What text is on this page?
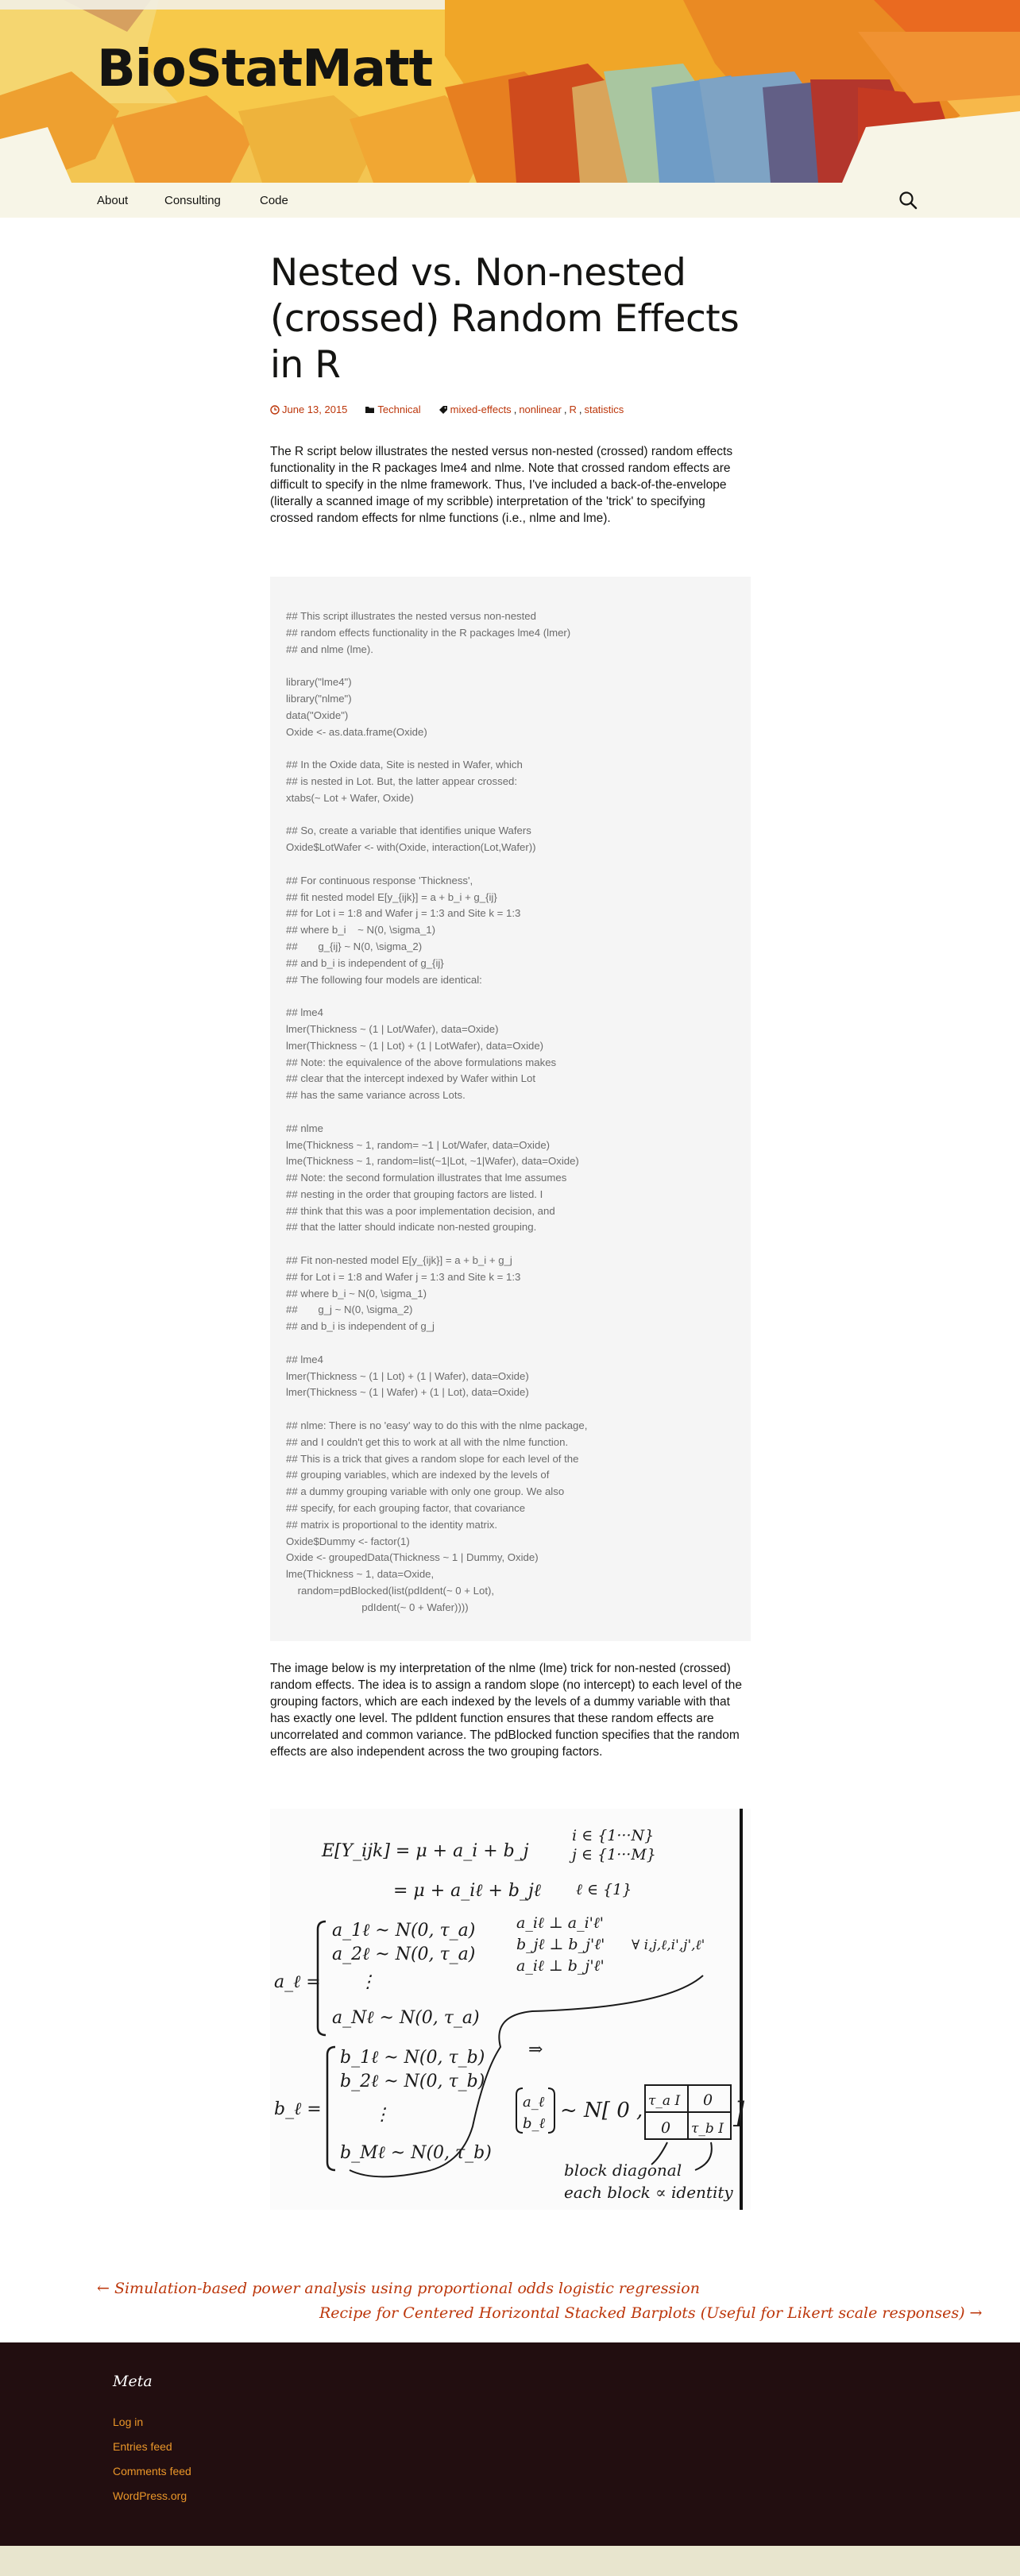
BioStatMatt
About	Consulting	Code
Nested vs. Non-nested (crossed) Random Effects in R
June 13, 2015	Technical	mixed-effects , nonlinear , R , statistics

The R script below illustrates the nested versus non-nested (crossed) random effects functionality in the R packages lme4 and nlme. Note that crossed random effects are difficult to specify in the nlme framework. Thus, I've included a back-of-the-envelope (literally a scanned image of my scribble) interpretation of the 'trick' to specifying crossed random effects for nlme functions (i.e., nlme and lme).

## This script illustrates the nested versus non-nested
## random effects functionality in the R packages lme4 (lmer)
## and nlme (lme).

library("lme4")
library("nlme")
data("Oxide")
Oxide <- as.data.frame(Oxide)

## In the Oxide data, Site is nested in Wafer, which
## is nested in Lot. But, the latter appear crossed:
xtabs(~ Lot + Wafer, Oxide)

## So, create a variable that identifies unique Wafers
Oxide$LotWafer <- with(Oxide, interaction(Lot,Wafer))

## For continuous response 'Thickness',
## fit nested model E[y_{ijk}] = a + b_i + g_{ij}
## for Lot i = 1:8 and Wafer j = 1:3 and Site k = 1:3
## where b_i    ~ N(0, \sigma_1)
##       g_{ij} ~ N(0, \sigma_2)
## and b_i is independent of g_{ij}
## The following four models are identical:

## lme4
lmer(Thickness ~ (1 | Lot/Wafer), data=Oxide)
lmer(Thickness ~ (1 | Lot) + (1 | LotWafer), data=Oxide)
## Note: the equivalence of the above formulations makes
## clear that the intercept indexed by Wafer within Lot
## has the same variance across Lots.

## nlme
lme(Thickness ~ 1, random= ~1 | Lot/Wafer, data=Oxide)
lme(Thickness ~ 1, random=list(~1|Lot, ~1|Wafer), data=Oxide)
## Note: the second formulation illustrates that lme assumes
## nesting in the order that grouping factors are listed. I
## think that this was a poor implementation decision, and
## that the latter should indicate non-nested grouping.

## Fit non-nested model E[y_{ijk}] = a + b_i + g_j
## for Lot i = 1:8 and Wafer j = 1:3 and Site k = 1:3
## where b_i ~ N(0, \sigma_1)
##       g_j ~ N(0, \sigma_2)
## and b_i is independent of g_j

## lme4
lmer(Thickness ~ (1 | Lot) + (1 | Wafer), data=Oxide)
lmer(Thickness ~ (1 | Wafer) + (1 | Lot), data=Oxide)

## nlme: There is no 'easy' way to do this with the nlme package,
## and I couldn't get this to work at all with the nlme function.
## This is a trick that gives a random slope for each level of the
## grouping variables, which are indexed by the levels of
## a dummy grouping variable with only one group. We also
## specify, for each grouping factor, that covariance
## matrix is proportional to the identity matrix.
Oxide$Dummy <- factor(1)
Oxide <- groupedData(Thickness ~ 1 | Dummy, Oxide)
lme(Thickness ~ 1, data=Oxide,
random=pdBlocked(list(pdIdent(~ 0 + Lot),
pdIdent(~ 0 + Wafer))))

The image below is my interpretation of the nlme (lme) trick for non-nested (crossed) random effects. The idea is to assign a random slope (no intercept) to each level of the grouping factors, which are each indexed by the levels of a dummy variable with that has exactly one level. The pdIdent function ensures that these random effects are uncorrelated and common variance. The pdBlocked function specifies that the random effects are also independent across the two grouping factors.

E[Y_ijk] = μ + a_i + b_j
i ∈ {1···N}
j ∈ {1···M}
= μ + a_iℓ + b_jℓ ℓ ∈ {1}
a_ℓ =
a_1ℓ ~ N(0, τ_a)
a_2ℓ ~ N(0, τ_a)
⋮
a_Nℓ ~ N(0, τ_a)
b_ℓ =
b_1ℓ ~ N(0, τ_b)
b_2ℓ ~ N(0, τ_b)
⋮
b_Mℓ ~ N(0, τ_b)
a_iℓ ⊥ a_i'ℓ'
b_jℓ ⊥ b_j'ℓ'
a_iℓ ⊥ b_j'ℓ'
∀ i,j,ℓ,i',j',ℓ'
⇒
a_ℓ
b_ℓ
~ N[ 0 , τ_a I 0
0 τ_b I ]
block diagonal
each block ∝ identity
← Simulation-based power analysis using proportional odds logistic regression
Recipe for Centered Horizontal Stacked Barplots (Useful for Likert scale responses) →
Meta
Log in
Entries feed
Comments feed
WordPress.org
